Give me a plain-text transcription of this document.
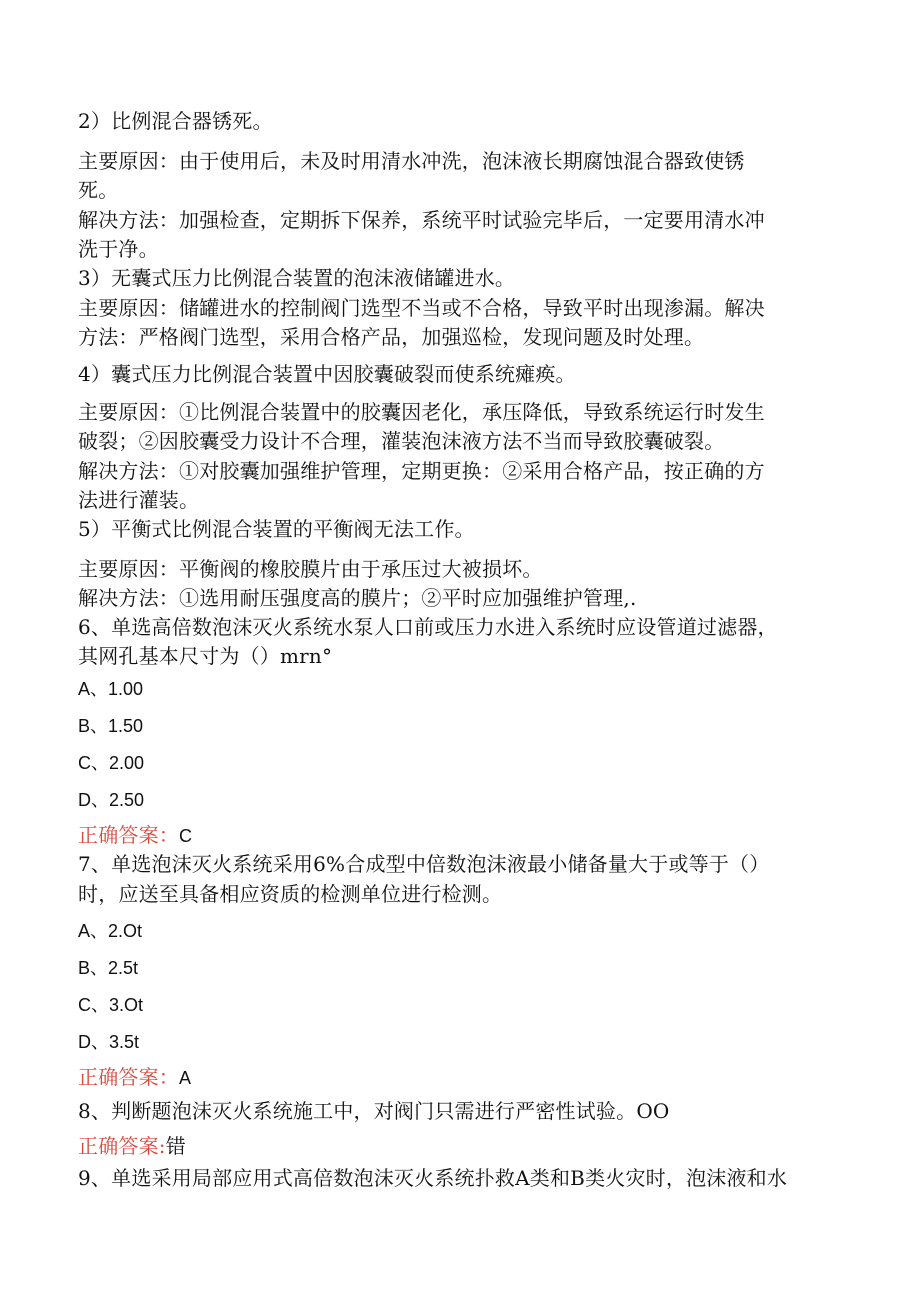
2）比例混合器锈死。
主要原因：由于使用后，未及时用清水冲洗，泡沫液长期腐蚀混合器致使锈
死。
解决方法：加强检查，定期拆下保养，系统平时试验完毕后，一定要用清水冲
洗于净。
3）无囊式压力比例混合装置的泡沫液储罐进水。
主要原因：储罐进水的控制阀门选型不当或不合格，导致平时出现渗漏。解决
方法：严格阀门选型，采用合格产品，加强巡检，发现问题及时处理。
4）囊式压力比例混合装置中因胶囊破裂而使系统瘫痪。
主要原因：①比例混合装置中的胶囊因老化，承压降低，导致系统运行时发生
破裂；②因胶囊受力设计不合理，灌装泡沫液方法不当而导致胶囊破裂。
解决方法：①对胶囊加强维护管理，定期更换：②采用合格产品，按正确的方
法进行灌装。
5）平衡式比例混合装置的平衡阀无法工作。
主要原因：平衡阀的橡胶膜片由于承压过大被损坏。
解决方法：①选用耐压强度高的膜片；②平时应加强维护管理,.
6、单选高倍数泡沫灭火系统水泵人口前或压力水进入系统时应设管道过滤器，
其网孔基本尺寸为（）mrn°
A、1.00
B、1.50
C、2.00
D、2.50
正确答案：C
7、单选泡沫灭火系统采用6%合成型中倍数泡沫液最小储备量大于或等于（）
时，应送至具备相应资质的检测单位进行检测。
A、2.Ot
B、2.5t
C、3.Ot
D、3.5t
正确答案：A
8、判断题泡沫灭火系统施工中，对阀门只需进行严密性试验。OO
正确答案:错
9、单选采用局部应用式高倍数泡沫灭火系统扑救A类和B类火灾时，泡沫液和水
